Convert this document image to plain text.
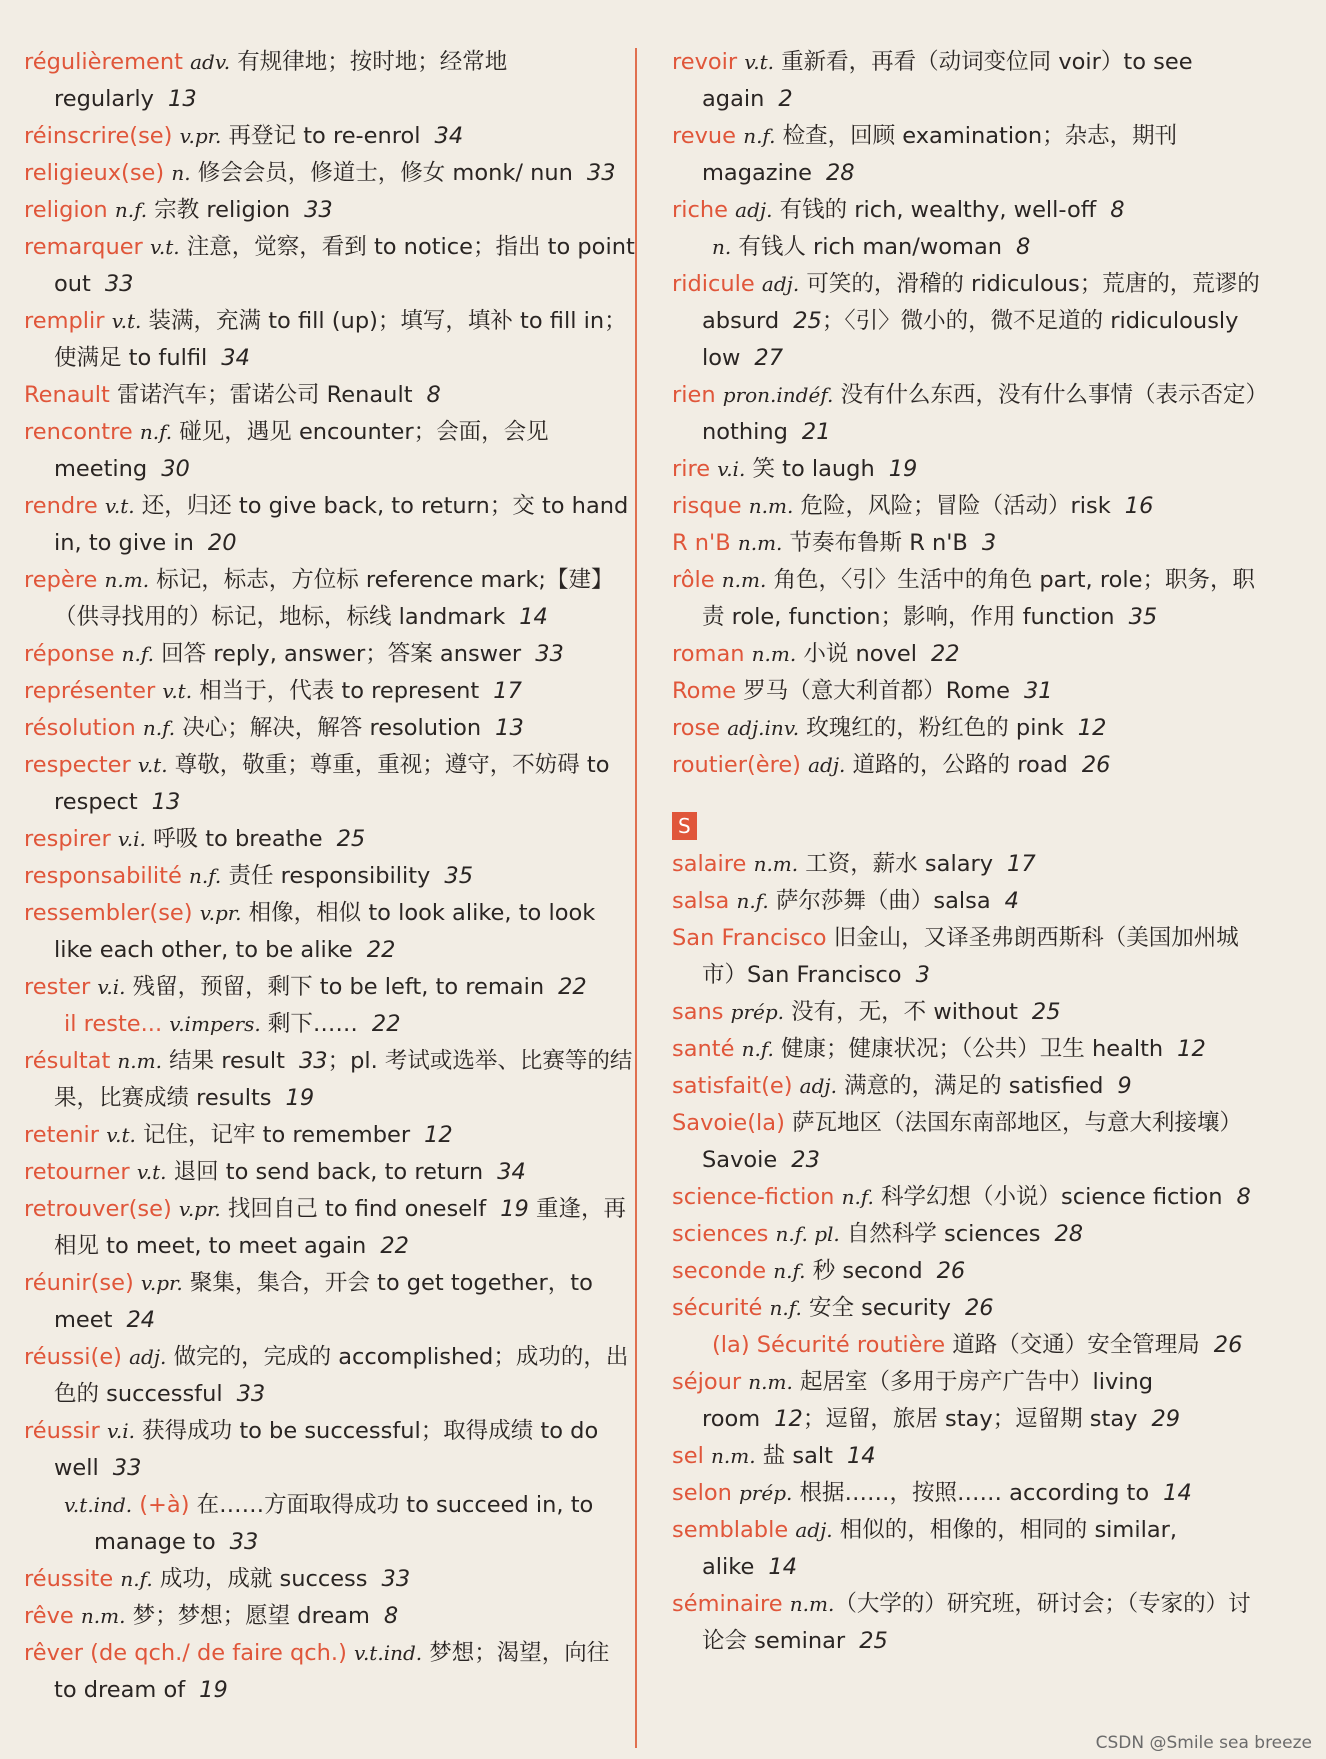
régulièrement adv. 有规律地；按时地；经常地 regularly 13

réinscrire(se) v.pr. 再登记 to re-enrol 34

religieux(se) n. 修会会员，修道士，修女 monk/ nun 33

religion n.f. 宗教 religion 33

remarquer v.t. 注意，觉察，看到 to notice；指出 to point out 33

remplir v.t. 装满，充满 to fill (up)；填写，填补 to fill in；使满足 to fulfil 34

Renault 雷诺汽车；雷诺公司 Renault 8

rencontre n.f. 碰见，遇见 encounter；会面，会见 meeting 30

rendre v.t. 还，归还 to give back, to return；交 to hand in, to give in 20

repère n.m. 标记，标志，方位标 reference mark;【建】（供寻找用的）标记，地标，标线 landmark 14

réponse n.f. 回答 reply, answer；答案 answer 33

représenter v.t. 相当于，代表 to represent 17

résolution n.f. 决心；解决，解答 resolution 13

respecter v.t. 尊敬，敬重；尊重，重视；遵守，不妨碍 to respect 13

respirer v.i. 呼吸 to breathe 25

responsabilité n.f. 责任 responsibility 35

ressembler(se) v.pr. 相像，相似 to look alike, to look like each other, to be alike 22

rester v.i. 残留，预留，剩下 to be left, to remain 22

il reste... v.impers. 剩下…… 22

résultat n.m. 结果 result 33；pl. 考试或选举、比赛等的结果，比赛成绩 results 19

retenir v.t. 记住，记牢 to remember 12

retourner v.t. 退回 to send back, to return 34

retrouver(se) v.pr. 找回自己 to find oneself 19 重逢，再相见 to meet, to meet again 22

réunir(se) v.pr. 聚集，集合，开会 to get together，to meet 24

réussi(e) adj. 做完的，完成的 accomplished；成功的，出色的 successful 33

réussir v.i. 获得成功 to be successful；取得成绩 to do well 33

v.t.ind. (+à) 在……方面取得成功 to succeed in, to manage to 33

réussite n.f. 成功，成就 success 33

rêve n.m. 梦；梦想；愿望 dream 8

rêver (de qch./ de faire qch.) v.t.ind. 梦想；渴望，向往 to dream of 19

revoir v.t. 重新看，再看（动词变位同 voir）to see again 2

revue n.f. 检查，回顾 examination；杂志，期刊 magazine 28

riche adj. 有钱的 rich, wealthy, well-off 8

n. 有钱人 rich man/woman 8

ridicule adj. 可笑的，滑稽的 ridiculous；荒唐的，荒谬的 absurd 25；〈引〉微小的，微不足道的 ridiculously low 27

rien pron.indéf. 没有什么东西，没有什么事情（表示否定）nothing 21

rire v.i. 笑 to laugh 19

risque n.m. 危险，风险；冒险（活动）risk 16

R n'B n.m. 节奏布鲁斯 R n'B 3

rôle n.m. 角色，〈引〉生活中的角色 part, role；职务，职责 role, function；影响，作用 function 35

roman n.m. 小说 novel 22

Rome 罗马（意大利首都）Rome 31

rose adj.inv. 玫瑰红的，粉红色的 pink 12

routier(ère) adj. 道路的，公路的 road 26

S

salaire n.m. 工资，薪水 salary 17

salsa n.f. 萨尔莎舞（曲）salsa 4

San Francisco 旧金山，又译圣弗朗西斯科（美国加州城市）San Francisco 3

sans prép. 没有，无，不 without 25

santé n.f. 健康；健康状况；（公共）卫生 health 12

satisfait(e) adj. 满意的，满足的 satisfied 9

Savoie(la) 萨瓦地区（法国东南部地区，与意大利接壤）Savoie 23

science-fiction n.f. 科学幻想（小说）science fiction 8

sciences n.f. pl. 自然科学 sciences 28

seconde n.f. 秒 second 26

sécurité n.f. 安全 security 26

(la) Sécurité routière 道路（交通）安全管理局 26

séjour n.m. 起居室（多用于房产广告中）living room 12；逗留，旅居 stay；逗留期 stay 29

sel n.m. 盐 salt 14

selon prép. 根据……，按照…… according to 14

semblable adj. 相似的，相像的，相同的 similar, alike 14

séminaire n.m.（大学的）研究班，研讨会；（专家的）讨论会 seminar 25

CSDN @Smile sea breeze
